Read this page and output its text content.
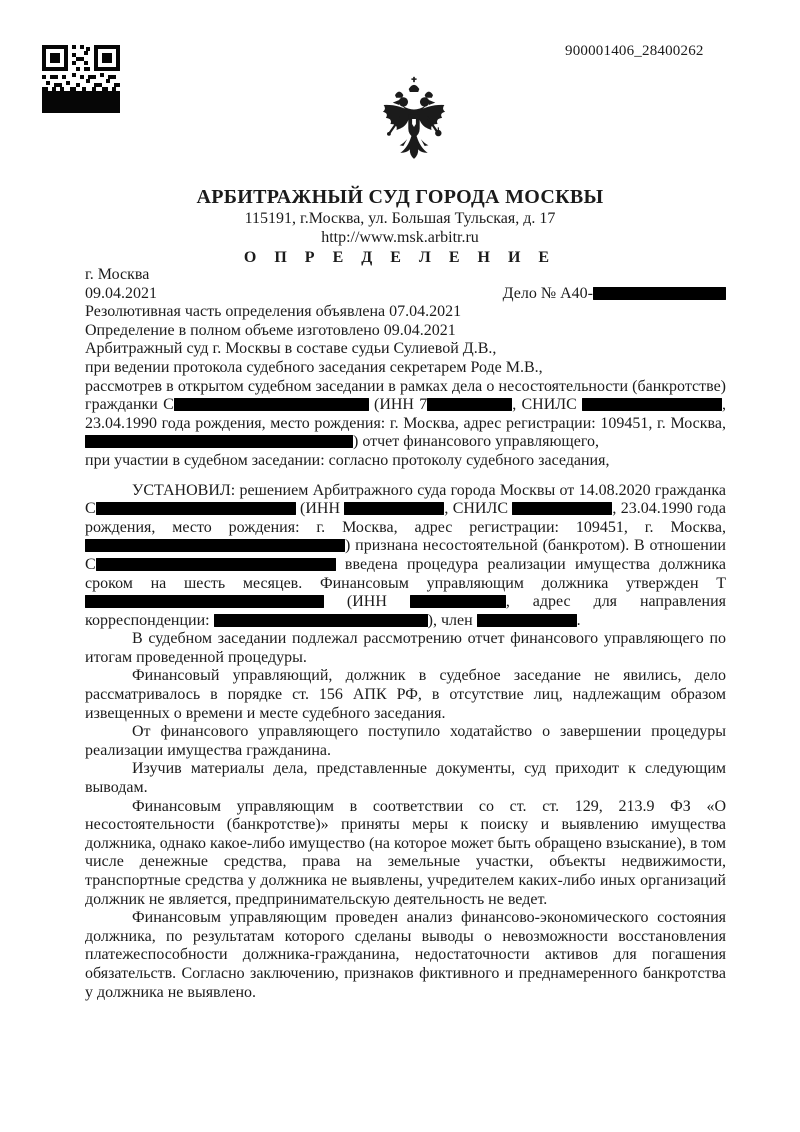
900001406_28400262
АРБИТРАЖНЫЙ СУД ГОРОДА МОСКВЫ
115191, г.Москва, ул. Большая Тульская, д. 17
http://www.msk.arbitr.ru
О П Р Е Д Е Л Е Н И Е
г. Москва
09.04.2021	Дело № А40-
Резолютивная часть определения объявлена 07.04.2021
Определение в полном объеме изготовлено 09.04.2021
Арбитражный суд г. Москвы в составе судьи Сулиевой Д.В.,
при ведении протокола судебного заседания секретарем Роде М.В.,
рассмотрев в открытом судебном заседании в рамках дела о несостоятельности (банкротстве) гражданки С	(ИНН 7	, СНИЛС	, 23.04.1990 года рождения, место рождения: г. Москва, адрес регистрации: 109451, г. Москва, ) отчет финансового управляющего,
при участии в судебном заседании: согласно протоколу судебного заседания,
УСТАНОВИЛ: решением Арбитражного суда города Москвы от 14.08.2020 гражданка С	(ИНН	, СНИЛС	, 23.04.1990 года рождения, место рождения: г. Москва, адрес регистрации: 109451, г. Москва, ) признана несостоятельной (банкротом). В отношении С	введена процедура реализации имущества должника сроком на шесть месяцев. Финансовым управляющим должника утвержден Т (ИНН	, адрес для направления корреспонденции:	), член	.
В судебном заседании подлежал рассмотрению отчет финансового управляющего по итогам проведенной процедуры.
Финансовый управляющий, должник в судебное заседание не явились, дело рассматривалось в порядке ст. 156 АПК РФ, в отсутствие лиц, надлежащим образом извещенных о времени и месте судебного заседания.
От финансового управляющего поступило ходатайство о завершении процедуры реализации имущества гражданина.
Изучив материалы дела, представленные документы, суд приходит к следующим выводам.
Финансовым управляющим в соответствии со ст. ст. 129, 213.9 ФЗ «О несостоятельности (банкротстве)» приняты меры к поиску и выявлению имущества должника, однако какое-либо имущество (на которое может быть обращено взыскание), в том числе денежные средства, права на земельные участки, объекты недвижимости, транспортные средства у должника не выявлены, учредителем каких-либо иных организаций должник не является, предпринимательскую деятельность не ведет.
Финансовым управляющим проведен анализ финансово-экономического состояния должника, по результатам которого сделаны выводы о невозможности восстановления платежеспособности должника-гражданина, недостаточности активов для погашения обязательств. Согласно заключению, признаков фиктивного и преднамеренного банкротства у должника не выявлено.
